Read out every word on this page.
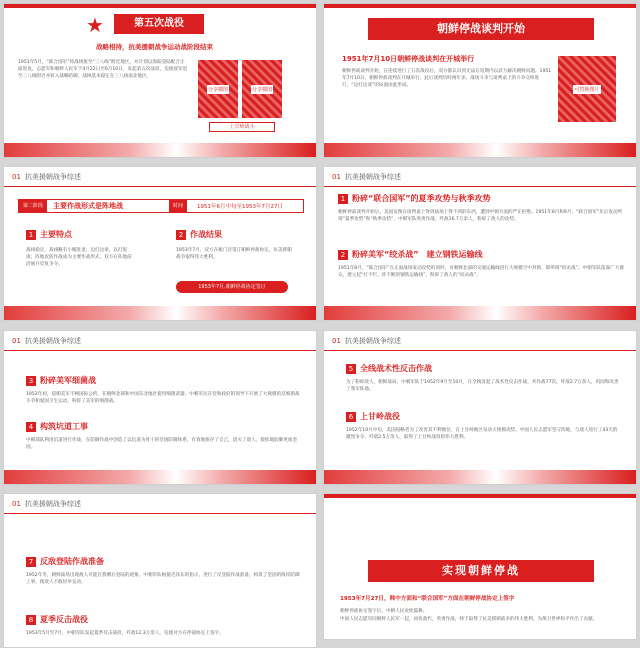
★	第五次战役
战略相持，抗美援朝战争运动战阶段结束
1951年5月，“联合国军”将战线推至“三八线”附近地区，并计划以海陆登陆配合正面进攻。志愿军和朝鲜人民军于4月22日至6月10日，发起第五次战役，迫使敌军退至三八线附近并转入战略防御，战线基本稳定在三八线南北地区。
分享插图	分享插图
上甘岭战斗
朝鲜停战谈判开始
1951年7月10日朝鲜停战谈判在开城举行
朝鲜停战谈判开始，在连续进行了五次战役后，双方都认识到无法在短期内以武力解决朝鲜问题。1951年7月10日，朝鲜停战谈判在开城举行，此后谈判历时两年多，战场斗争与谈判桌上的斗争交织进行，“边打边谈”的局面由此形成。
可替换图片
01 抗美援朝战争综述
第二阶段	主要作战形式是阵地战	时间	1951年6月中旬至1953年7月27日
1 主要特点
战线稳定，战线略有小幅进退；边打边谈，以打促谈；阵地攻防作战成为主要作战形式，双方在阵地前沿展开反复争夺。
2 作战结果
1953年7月，双方在板门店签订朝鲜停战协定，抗美援朝战争取得伟大胜利。
1953年7月,朝鲜停战协定签订
01 抗美援朝战争综述
1 粉碎“联合国军”的夏季攻势与秋季攻势
朝鲜停战谈判开始后，美国妄图在谈判桌上得到战场上得不到的东西，遭到中朝方面的严正拒绝。1951年8月和9月，“联合国军”先后发动所谓“夏季攻势”和“秋季攻势”，中朝军队英勇作战，歼敌16.7万余人，粉碎了敌人的攻势。
2 粉碎美军“绞杀战”　建立钢铁运输线
1951年8月，“联合国军”在正面战场发动攻势的同时，对朝鲜北部的交通运输线进行大规模空中封锁，即所谓“绞杀战”。中朝军队依靠广大群众，建立起“打不烂、炸不断的钢铁运输线”，粉碎了敌人的“绞杀战”。
01 抗美援朝战争综述
3 粉碎美军细菌战
1952年初，侵朝美军不顾国际公约，在朝鲜北部和中国东北地区使用细菌武器。中朝军民在党和政府的领导下开展了大规模的反细菌战斗争和爱国卫生运动，粉碎了美军的细菌战。
4 构筑坑道工事
中朝部队利用坑道进行作战，在防御作战中创造了以坑道为骨干的坚固防御体系，有效地保存了自己，消灭了敌人，使阵地防御更加坚固。
01 抗美援朝战争综述
5 全线战术性反击作战
为了粉碎敌人，朝鲜战局，中朝军队于1952年9月至10月，在全线发起了战术性反击作战，共作战77次，歼敌2.7万余人，巩固和改善了我军阵地。
6 上甘岭战役
1952年10月中旬，美国侵略者为了改善其不利地位，在上甘岭地区发动大规模攻势。中国人民志愿军坚守阵地，与敌人进行了43天的激烈争夺，歼敌2.5万余人，取得了上甘岭战役的伟大胜利。
01 抗美援朝战争综述
7 反敌登陆作战准备
1952年冬，朝鲜战场出现敌人可能在我侧后登陆的迹象。中朝军队根据毛泽东的指示，进行了反登陆作战准备，构筑了坚固的海岸防御工事，使敌人不敢轻举妄动。
8 夏季反击战役
1953年5月至7月，中朝军队发起夏季反击战役，歼敌12.3万余人，迫使对方在停战协定上签字。
实现朝鲜停战
1953年7月27日，韩中方面和“联合国军”方面在朝鲜停战协定上签字
朝鲜停战协定签字后，中朝人民欢欣鼓舞。
中国人民志愿军同朝鲜人民军一起，同仇敌忾，英勇作战，终于取得了抗美援朝战争的伟大胜利，为保卫世界和平作出了贡献。
